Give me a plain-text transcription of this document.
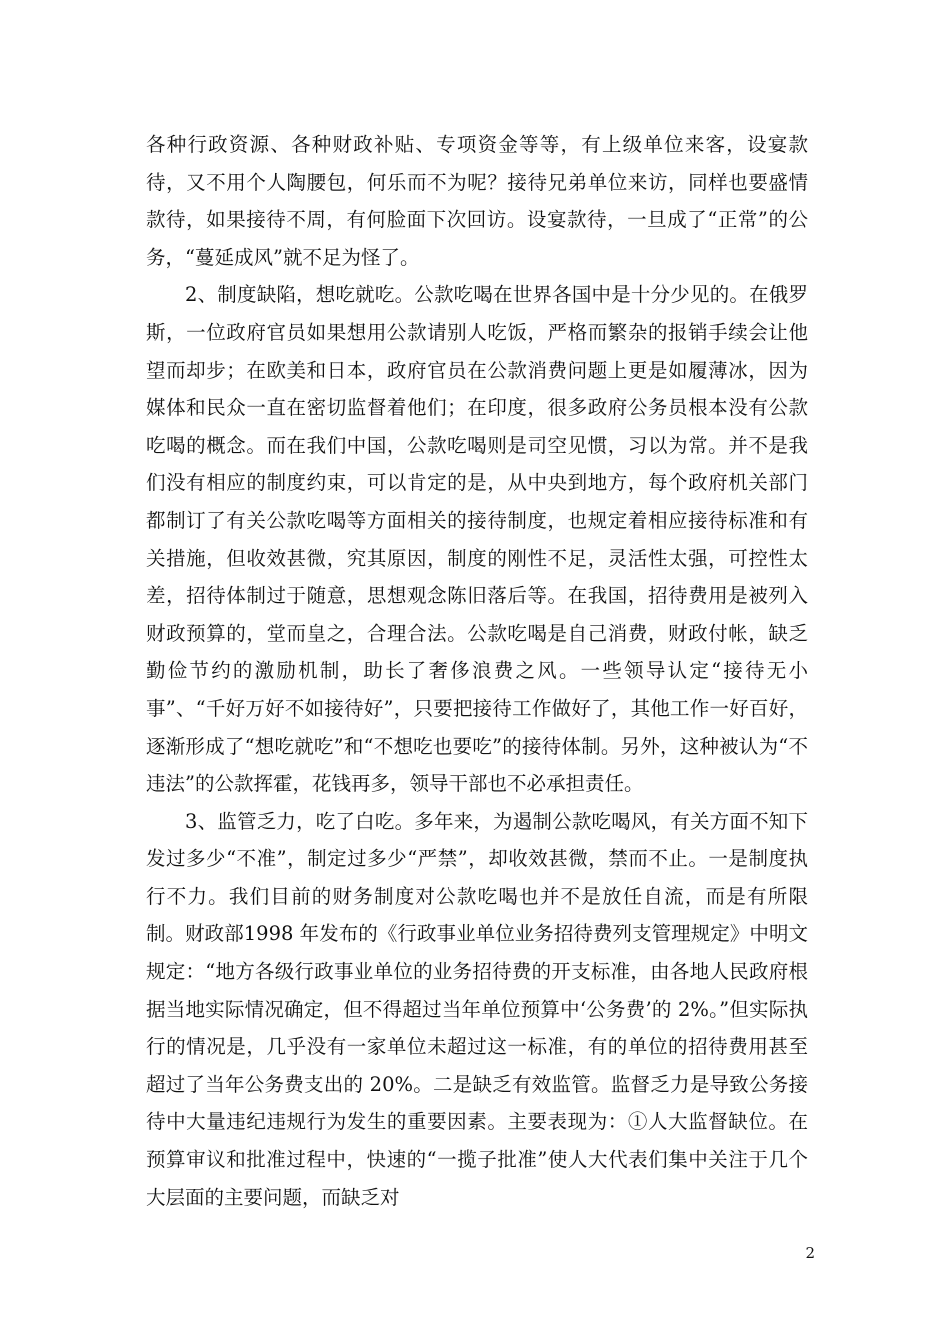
各种行政资源、各种财政补贴、专项资金等等，有上级单位来客，设宴款待，又不用个人陶腰包，何乐而不为呢？接待兄弟单位来访，同样也要盛情款待，如果接待不周，有何脸面下次回访。设宴款待，一旦成了“正常”的公务，“蔓延成风”就不足为怪了。

2、制度缺陷，想吃就吃。公款吃喝在世界各国中是十分少见的。在俄罗斯，一位政府官员如果想用公款请别人吃饭，严格而繁杂的报销手续会让他望而却步；在欧美和日本，政府官员在公款消费问题上更是如履薄冰，因为媒体和民众一直在密切监督着他们；在印度，很多政府公务员根本没有公款吃喝的概念。而在我们中国，公款吃喝则是司空见惯，习以为常。并不是我们没有相应的制度约束，可以肯定的是，从中央到地方，每个政府机关部门都制订了有关公款吃喝等方面相关的接待制度，也规定着相应接待标准和有关措施，但收效甚微，究其原因，制度的刚性不足，灵活性太强，可控性太差，招待体制过于随意，思想观念陈旧落后等。在我国，招待费用是被列入财政预算的，堂而皇之，合理合法。公款吃喝是自己消费，财政付帐，缺乏勤俭节约的激励机制，助长了奢侈浪费之风。一些领导认定“接待无小事”、“千好万好不如接待好”，只要把接待工作做好了，其他工作一好百好，逐渐形成了“想吃就吃”和“不想吃也要吃”的接待体制。另外，这种被认为“不违法”的公款挥霍，花钱再多，领导干部也不必承担责任。

3、监管乏力，吃了白吃。多年来，为遏制公款吃喝风，有关方面不知下发过多少“不准”，制定过多少“严禁”，却收效甚微，禁而不止。一是制度执行不力。我们目前的财务制度对公款吃喝也并不是放任自流，而是有所限制。财政部1998 年发布的《行政事业单位业务招待费列支管理规定》中明文规定：“地方各级行政事业单位的业务招待费的开支标准，由各地人民政府根据当地实际情况确定，但不得超过当年单位预算中‘公务费’的 2%。”但实际执行的情况是，几乎没有一家单位未超过这一标准，有的单位的招待费用甚至超过了当年公务费支出的 20%。二是缺乏有效监管。监督乏力是导致公务接待中大量违纪违规行为发生的重要因素。主要表现为：①人大监督缺位。在预算审议和批准过程中，快速的“一揽子批准”使人大代表们集中关注于几个大层面的主要问题，而缺乏对

2
